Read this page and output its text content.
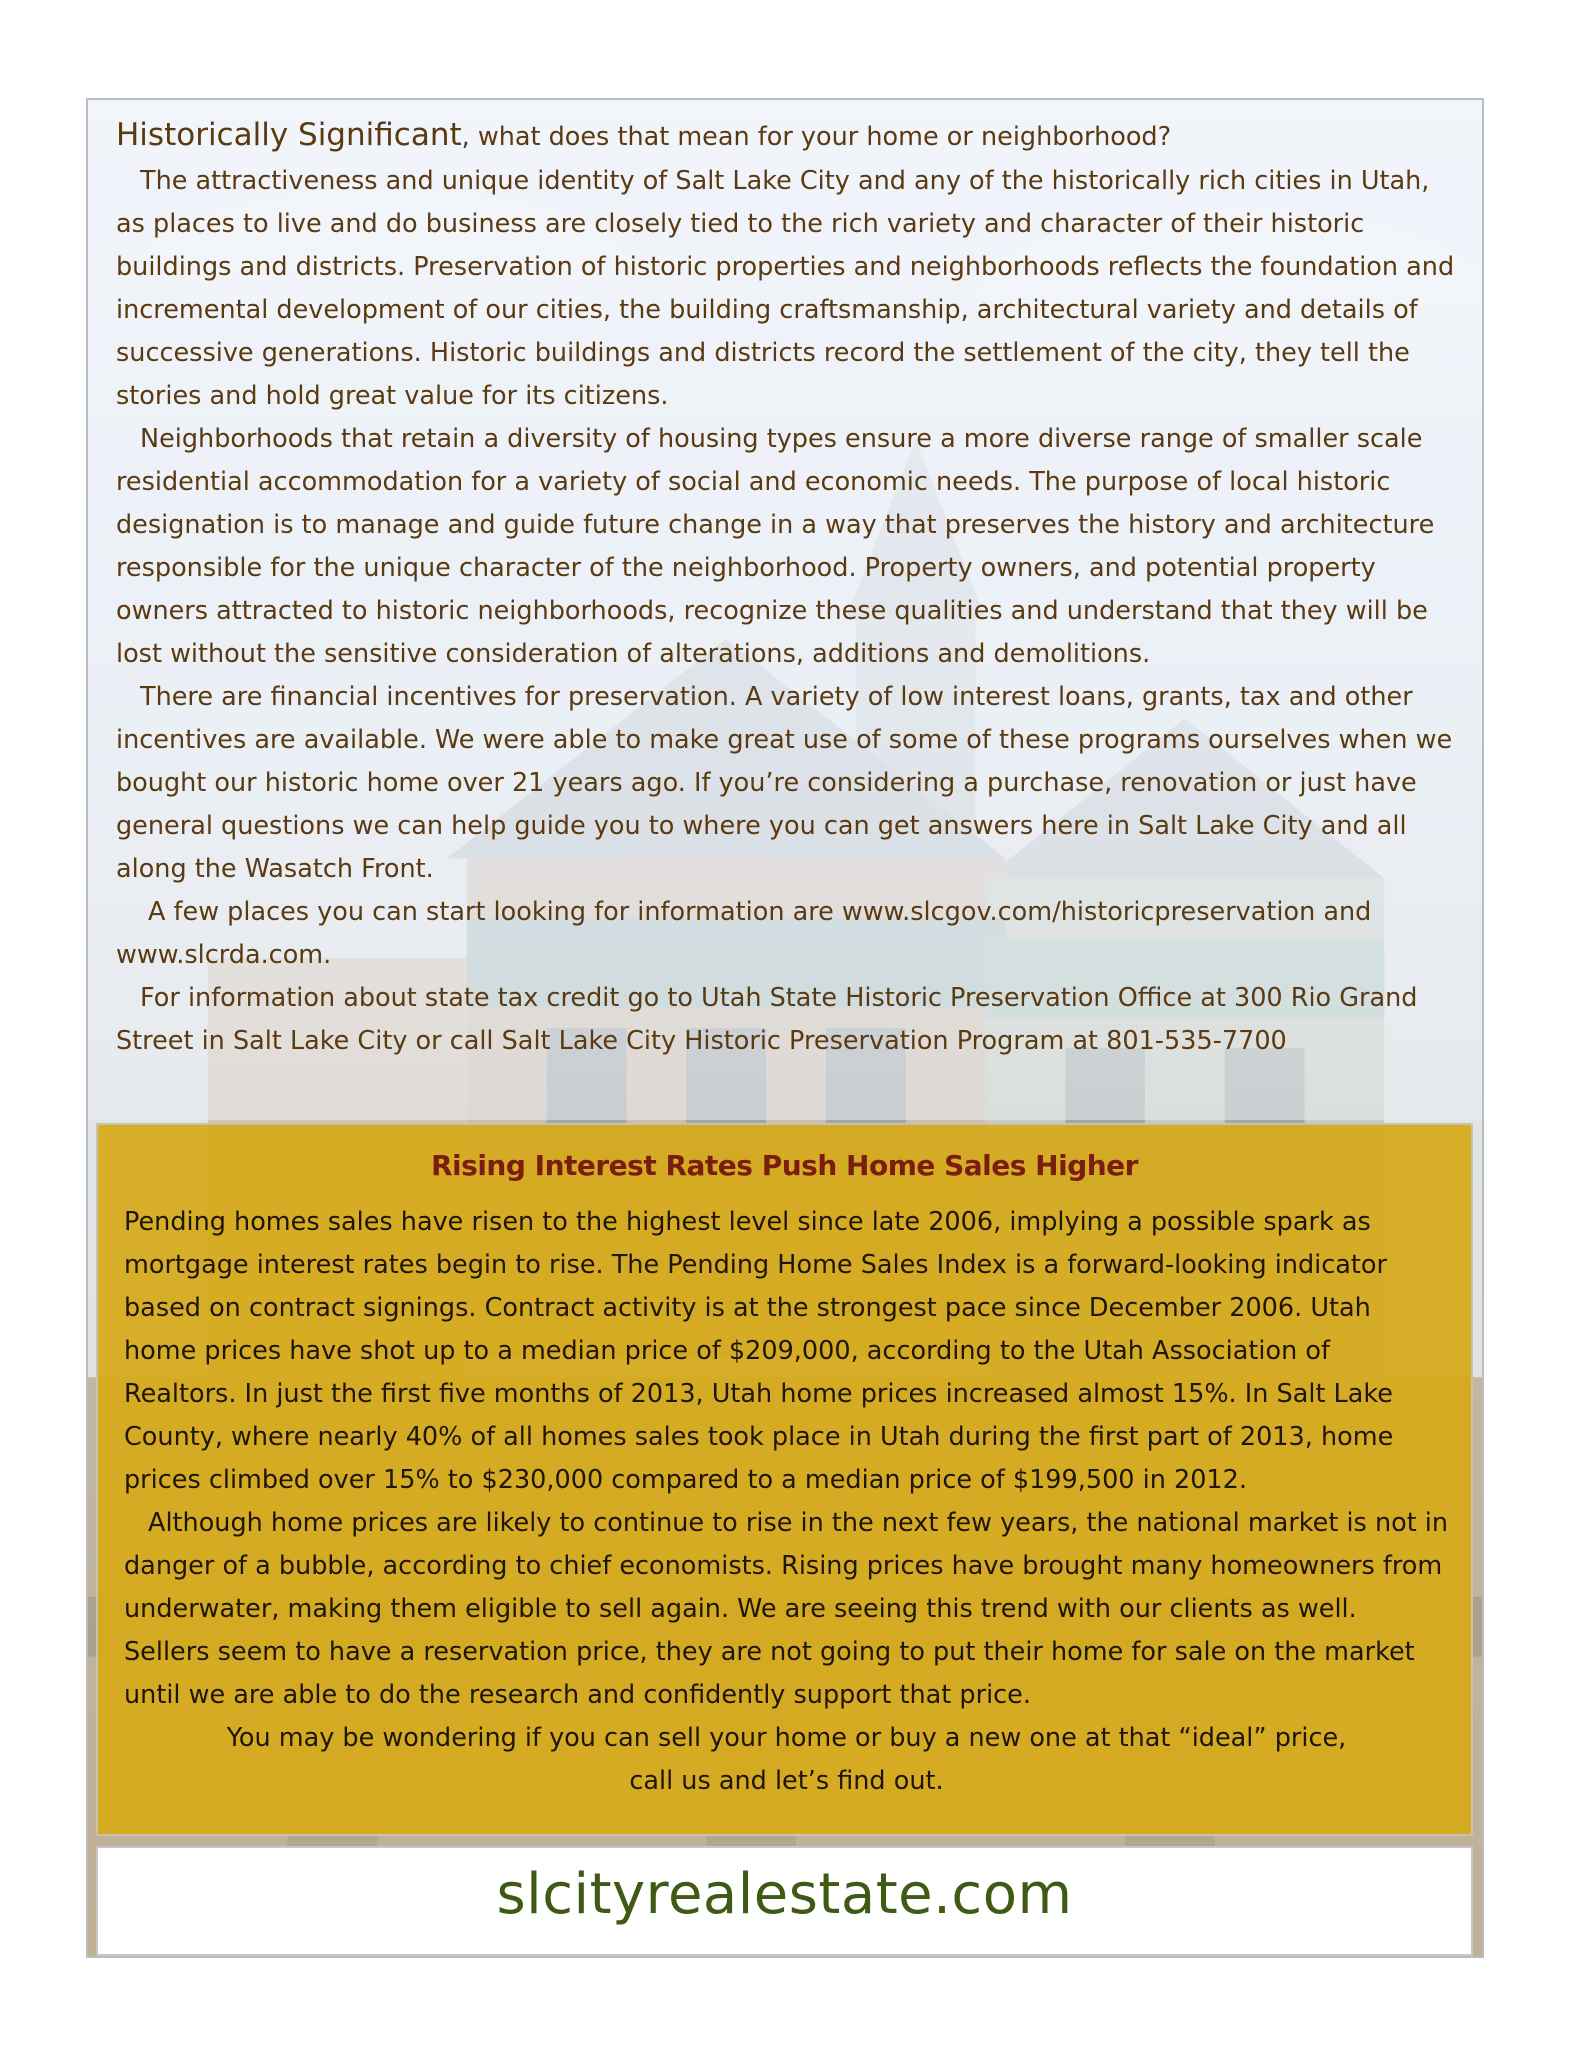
Historically Significant, what does that mean for your home or neighborhood?

The attractiveness and unique identity of Salt Lake City and any of the historically rich cities in Utah, as places to live and do business are closely tied to the rich variety and character of their historic buildings and districts. Preservation of historic properties and neighborhoods reflects the foundation and incremental development of our cities, the building craftsmanship, architectural variety and details of successive generations. Historic buildings and districts record the settlement of the city, they tell the stories and hold great value for its citizens.

Neighborhoods that retain a diversity of housing types ensure a more diverse range of smaller scale residential accommodation for a variety of social and economic needs. The purpose of local historic designation is to manage and guide future change in a way that preserves the history and architecture responsible for the unique character of the neighborhood. Property owners, and potential property owners attracted to historic neighborhoods, recognize these qualities and understand that they will be lost without the sensitive consideration of alterations, additions and demolitions.

There are financial incentives for preservation. A variety of low interest loans, grants, tax and other incentives are available. We were able to make great use of some of these programs ourselves when we bought our historic home over 21 years ago. If you’re considering a purchase, renovation or just have general questions we can help guide you to where you can get answers here in Salt Lake City and all along the Wasatch Front.

A few places you can start looking for information are www.slcgov.com/historicpreservation and www.slcrda.com.

For information about state tax credit go to Utah State Historic Preservation Office at 300 Rio Grand Street in Salt Lake City or call Salt Lake City Historic Preservation Program at 801-535-7700

Rising Interest Rates Push Home Sales Higher

Pending homes sales have risen to the highest level since late 2006, implying a possible spark as mortgage interest rates begin to rise. The Pending Home Sales Index is a forward-looking indicator based on contract signings. Contract activity is at the strongest pace since December 2006. Utah home prices have shot up to a median price of $209,000, according to the Utah Association of Realtors. In just the first five months of 2013, Utah home prices increased almost 15%. In Salt Lake County, where nearly 40% of all homes sales took place in Utah during the first part of 2013, home prices climbed over 15% to $230,000 compared to a median price of $199,500 in 2012.

Although home prices are likely to continue to rise in the next few years, the national market is not in danger of a bubble, according to chief economists. Rising prices have brought many homeowners from underwater, making them eligible to sell again. We are seeing this trend with our clients as well. Sellers seem to have a reservation price, they are not going to put their home for sale on the market until we are able to do the research and confidently support that price.

You may be wondering if you can sell your home or buy a new one at that “ideal” price,

call us and let’s find out.

slcityrealestate.com
